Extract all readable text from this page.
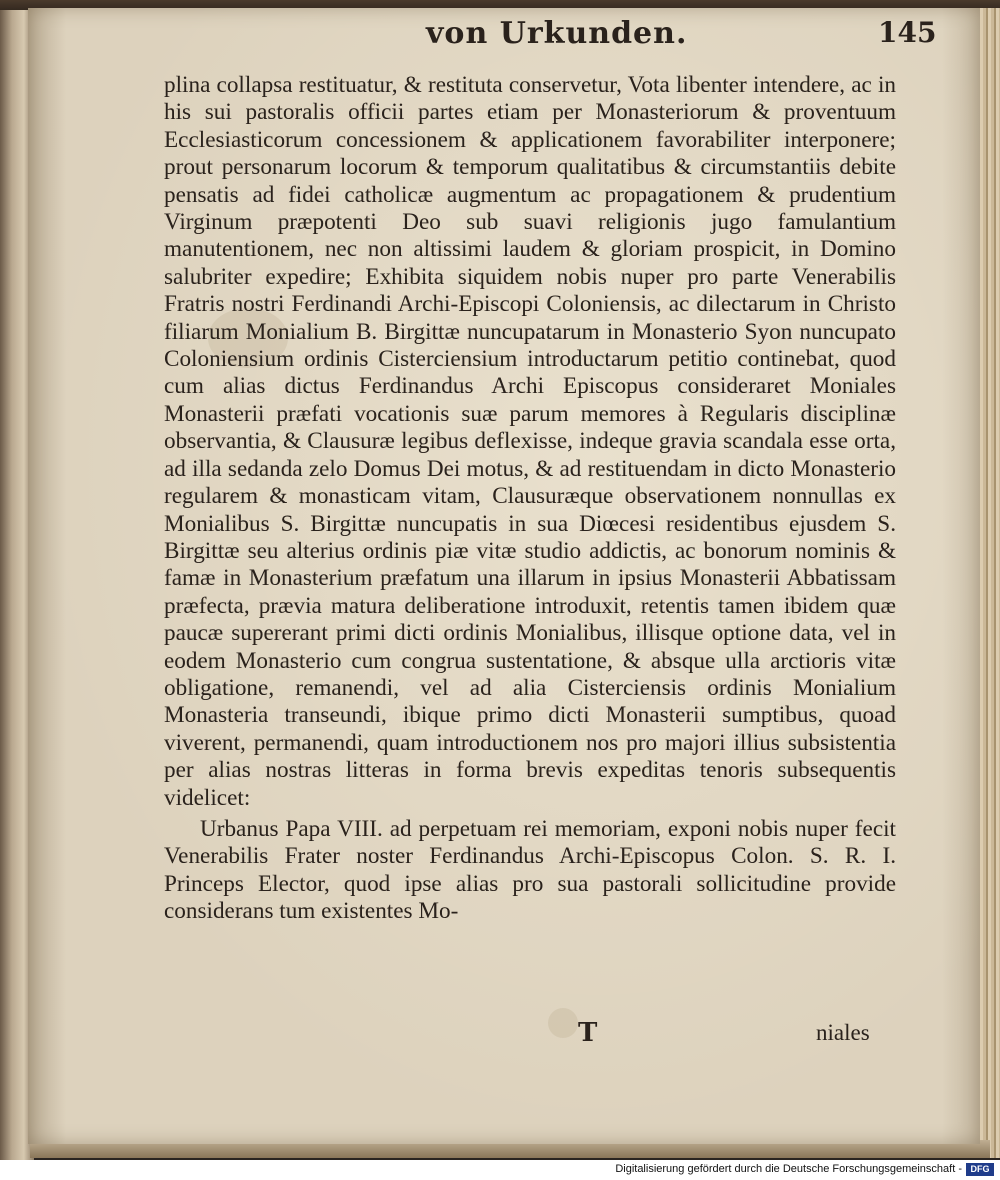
von Urkunden.	145

plina collapsa restituatur, & restituta conservetur, Vota libenter intendere, ac in his sui pastoralis officii partes etiam per Monasteriorum & proventuum Ecclesiasticorum concessionem & applicationem favorabiliter interponere; prout personarum locorum & temporum qualitatibus & circumstantiis debite pensatis ad fidei catholicæ augmentum ac propagationem & prudentium Virginum præpotenti Deo sub suavi religionis jugo famulantium manutentionem, nec non altissimi laudem & gloriam prospicit, in Domino salubriter expedire; Exhibita siquidem nobis nuper pro parte Venerabilis Fratris nostri Ferdinandi Archi-Episcopi Coloniensis, ac dilectarum in Christo filiarum Monialium B. Birgittæ nuncupatarum in Monasterio Syon nuncupato Coloniensium ordinis Cisterciensium introductarum petitio continebat, quod cum alias dictus Ferdinandus Archi Episcopus consideraret Moniales Monasterii præfati vocationis suæ parum memores à Regularis disciplinæ observantia, & Clausuræ legibus deflexisse, indeque gravia scandala esse orta, ad illa sedanda zelo Domus Dei motus, & ad restituendam in dicto Monasterio regularem & monasticam vitam, Clausuræque observationem nonnullas ex Monialibus S. Birgittæ nuncupatis in sua Diœcesi residentibus ejusdem S. Birgittæ seu alterius ordinis piæ vitæ studio addictis, ac bonorum nominis & famæ in Monasterium præfatum una illarum in ipsius Monasterii Abbatissam præfecta, prævia matura deliberatione introduxit, retentis tamen ibidem quæ paucæ supererant primi dicti ordinis Monialibus, illisque optione data, vel in eodem Monasterio cum congrua sustentatione, & absque ulla arctioris vitæ obligatione, remanendi, vel ad alia Cisterciensis ordinis Monialium Monasteria transeundi, ibique primo dicti Monasterii sumptibus, quoad viverent, permanendi, quam introductionem nos pro majori illius subsistentia per alias nostras litteras in forma brevis expeditas tenoris subsequentis videlicet:

Urbanus Papa VIII. ad perpetuam rei memoriam, exponi nobis nuper fecit Venerabilis Frater noster Ferdinandus Archi-Episcopus Colon. S. R. I. Princeps Elector, quod ipse alias pro sua pastorali sollicitudine provide considerans tum existentes Mo-

T	niales
Digitalisierung gefördert durch die Deutsche Forschungsgemeinschaft - DFG
